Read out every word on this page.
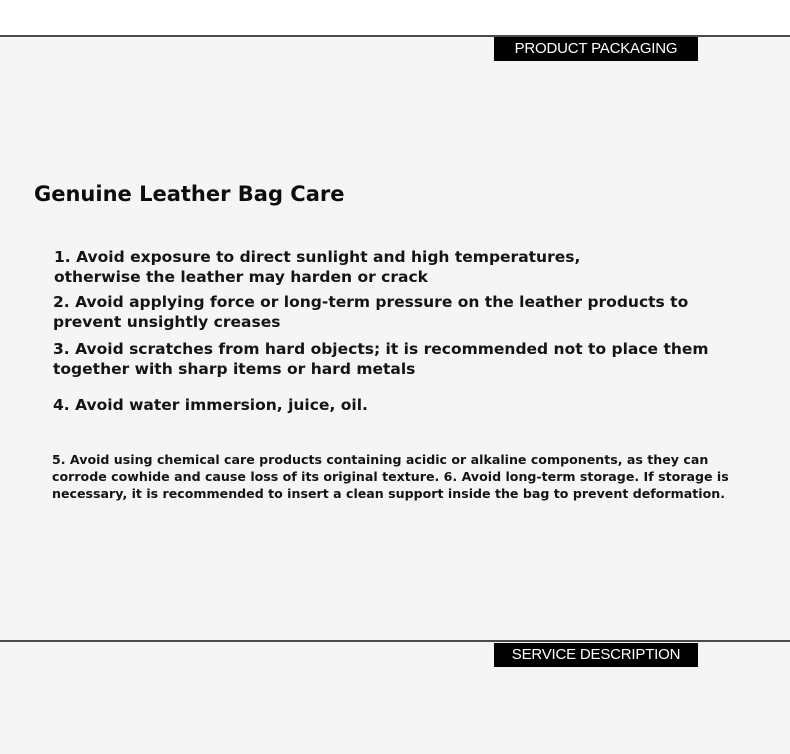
PRODUCT PACKAGING
Genuine Leather Bag Care

1. Avoid exposure to direct sunlight and high temperatures,
otherwise the leather may harden or crack

2. Avoid applying force or long-term pressure on the leather products to
prevent unsightly creases

3. Avoid scratches from hard objects; it is recommended not to place them
together with sharp items or hard metals

4. Avoid water immersion, juice, oil.

5. Avoid using chemical care products containing acidic or alkaline components, as they can
corrode cowhide and cause loss of its original texture. 6. Avoid long-term storage. If storage is
necessary, it is recommended to insert a clean support inside the bag to prevent deformation.

SERVICE DESCRIPTION
